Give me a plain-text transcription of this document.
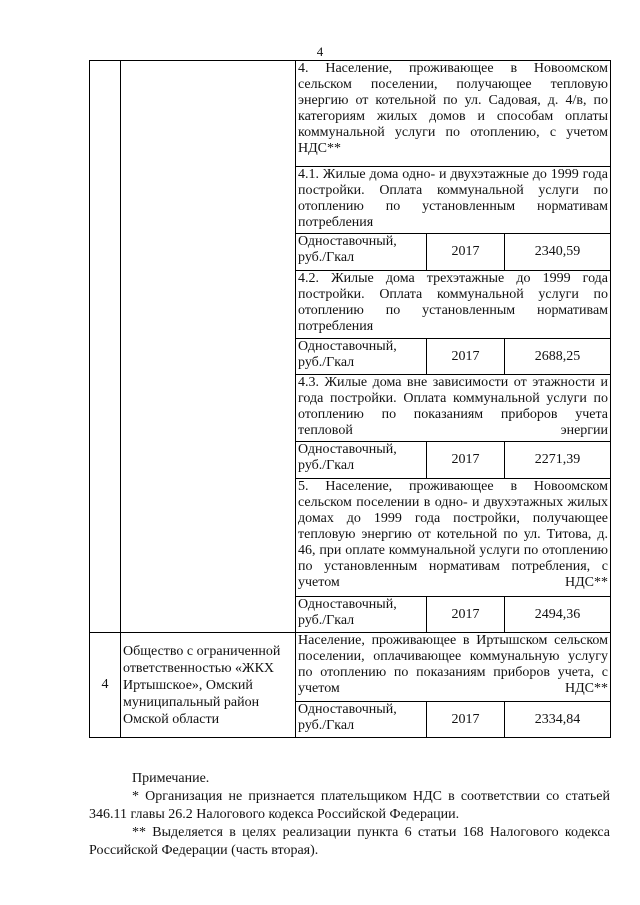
4
		4. Население, проживающее в Новоомском сельском поселении, получающее тепловую энергию от котельной по ул. Садовая, д. 4/в, по категориям жилых домов и способам оплаты коммунальной услуги по отоплению, с учетом НДС**		
		4.1. Жилые дома одно- и двухэтажные до 1999 года постройки. Оплата коммунальной услуги по отоплению по установленным нормативам потребления		
		Одноставочный, руб./Гкал	2017	2340,59
		4.2. Жилые дома трехэтажные до 1999 года постройки. Оплата коммунальной услуги по отоплению по установленным нормативам потребления		
		Одноставочный, руб./Гкал	2017	2688,25
		4.3. Жилые дома вне зависимости от этажности и года постройки. Оплата коммунальной услуги по отоплению по показаниям приборов учета тепловой энергии		
		Одноставочный, руб./Гкал	2017	2271,39
		5. Население, проживающее в Новоомском сельском поселении в одно- и двухэтажных жилых домах до 1999 года постройки, получающее тепловую энергию от котельной по ул. Титова, д. 46, при оплате коммунальной услуги по отоплению по установленным нормативам потребления, с учетом НДС**		
		Одноставочный, руб./Гкал	2017	2494,36
4	Общество с ограниченной ответственностью «ЖКХ Иртышское», Омский муниципальный район Омской области	Население, проживающее в Иртышском сельском поселении, оплачивающее коммунальную услугу по отоплению по показаниям приборов учета, с учетом НДС**		
		Одноставочный, руб./Гкал	2017	2334,84

Примечание.

* Организация не признается плательщиком НДС в соответствии со статьей 346.11 главы 26.2 Налогового кодекса Российской Федерации.

** Выделяется в целях реализации пункта 6 статьи 168 Налогового кодекса Российской Федерации (часть вторая).
